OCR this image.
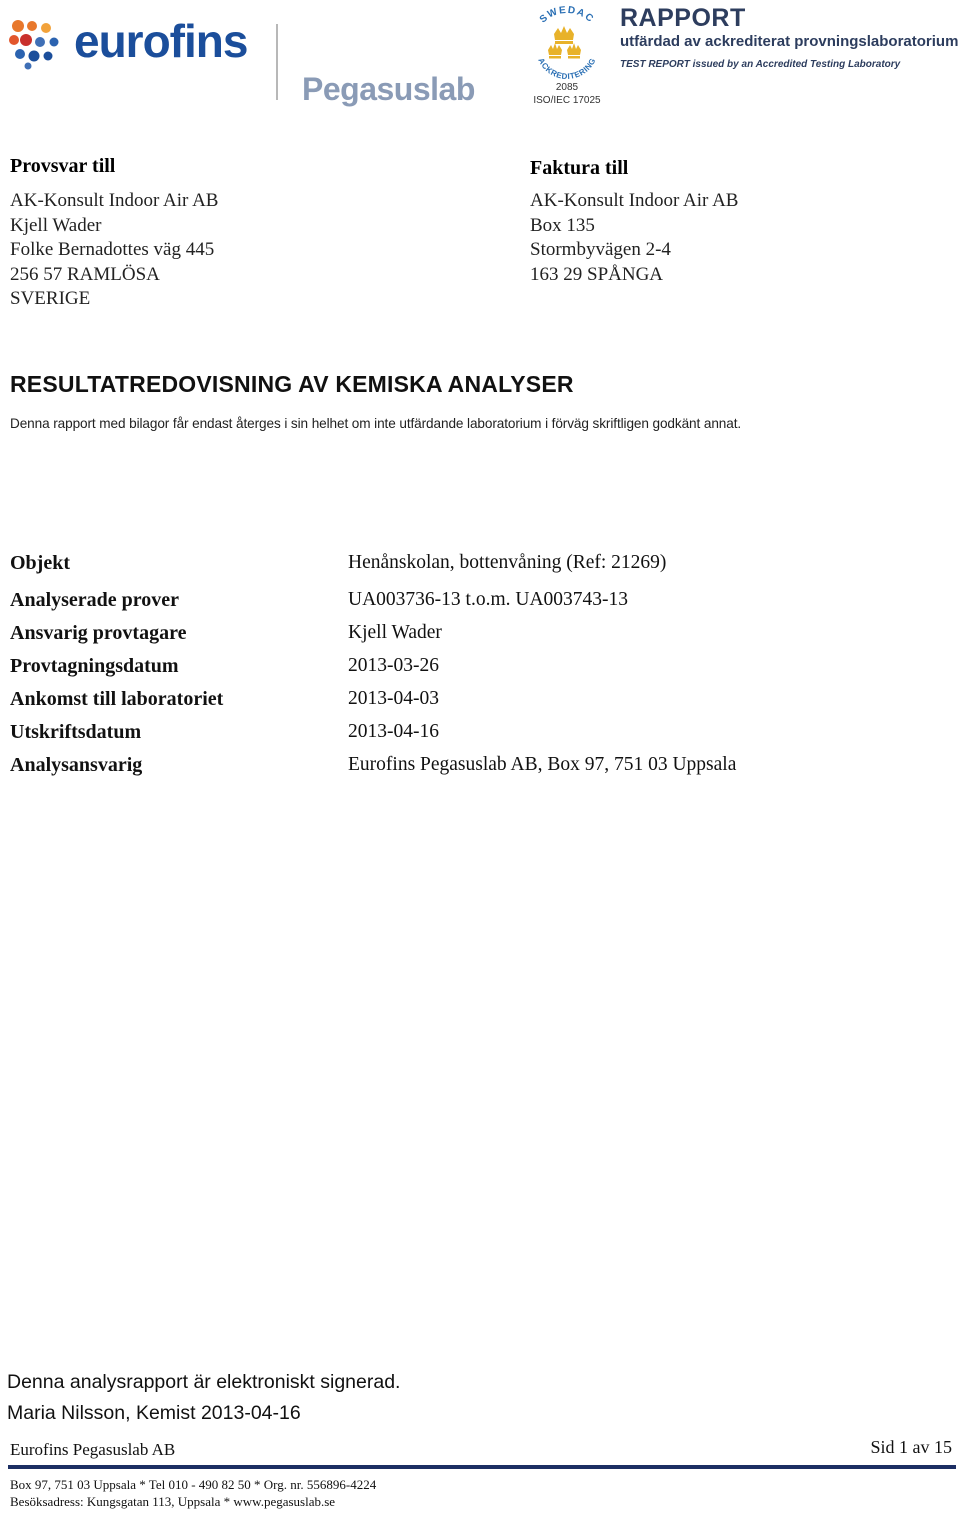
eurofins
Pegasuslab
SWEDAC
ACKREDITERING
2085
ISO/IEC 17025
RAPPORT
utfärdad av ackrediterat provningslaboratorium
TEST REPORT issued by an Accredited Testing Laboratory
Provsvar till
AK-Konsult Indoor Air AB
Kjell Wader
Folke Bernadottes väg 445
256 57 RAMLÖSA
SVERIGE
Faktura till
AK-Konsult Indoor Air AB
Box 135
Stormbyvägen 2-4
163 29 SPÅNGA
RESULTATREDOVISNING AV KEMISKA ANALYSER
Denna rapport med bilagor får endast återges i sin helhet om inte utfärdande laboratorium i förväg skriftligen godkänt annat.
Objekt	Henånskolan, bottenvåning (Ref: 21269)
Analyserade prover	UA003736-13 t.o.m. UA003743-13
Ansvarig provtagare	Kjell Wader
Provtagningsdatum	2013-03-26
Ankomst till laboratoriet	2013-04-03
Utskriftsdatum	2013-04-16
Analysansvarig	Eurofins Pegasuslab AB, Box 97, 751 03 Uppsala
Denna analysrapport är elektroniskt signerad.
Maria Nilsson, Kemist 2013-04-16
Eurofins Pegasuslab AB	Sid 1 av 15
Box 97, 751 03 Uppsala * Tel 010 - 490 82 50 * Org. nr. 556896-4224
Besöksadress: Kungsgatan 113, Uppsala * www.pegasuslab.se
